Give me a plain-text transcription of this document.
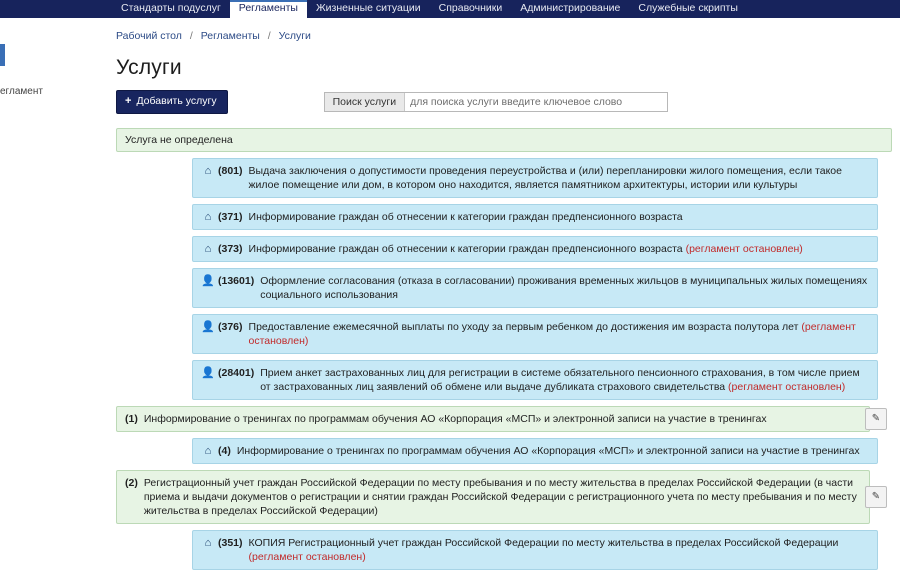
Стандарты подуслуг	Регламенты	Жизненные ситуации	Справочники	Администрирование	Служебные скрипты
егламент
Рабочий стол / Регламенты / Услуги
Услуги
+ Добавить услугу	Поиск услуги
для поиска услуги введите ключевое слово
Услуга не определена
⌂ (801) Выдача заключения о допустимости проведения переустройства и (или) перепланировки жилого помещения, если такое жилое помещение или дом, в котором оно находится, является памятником архитектуры, истории или культуры
⌂ (371) Информирование граждан об отнесении к категории граждан предпенсионного возраста
⌂ (373) Информирование граждан об отнесении к категории граждан предпенсионного возраста (регламент остановлен)
👤 (13601) Оформление согласования (отказа в согласовании) проживания временных жильцов в муниципальных жилых помещениях социального использования
👤 (376) Предоставление ежемесячной выплаты по уходу за первым ребенком до достижения им возраста полутора лет (регламент остановлен)
👤 (28401) Прием анкет застрахованных лиц для регистрации в системе обязательного пенсионного страхования, в том числе прием от застрахованных лиц заявлений об обмене или выдаче дубликата страхового свидетельства (регламент остановлен)
(1) Информирование о тренингах по программам обучения АО «Корпорация «МСП» и электронной записи на участие в тренингах	✎
⌂ (4) Информирование о тренингах по программам обучения АО «Корпорация «МСП» и электронной записи на участие в тренингах
(2) Регистрационный учет граждан Российской Федерации по месту пребывания и по месту жительства в пределах Российской Федерации (в части приема и выдачи документов о регистрации и снятии граждан Российской Федерации с регистрационного учета по месту пребывания и по месту жительства в пределах Российской Федерации)
✎
⌂ (351) КОПИЯ Регистрационный учет граждан Российской Федерации по месту жительства в пределах Российской Федерации (регламент остановлен)
